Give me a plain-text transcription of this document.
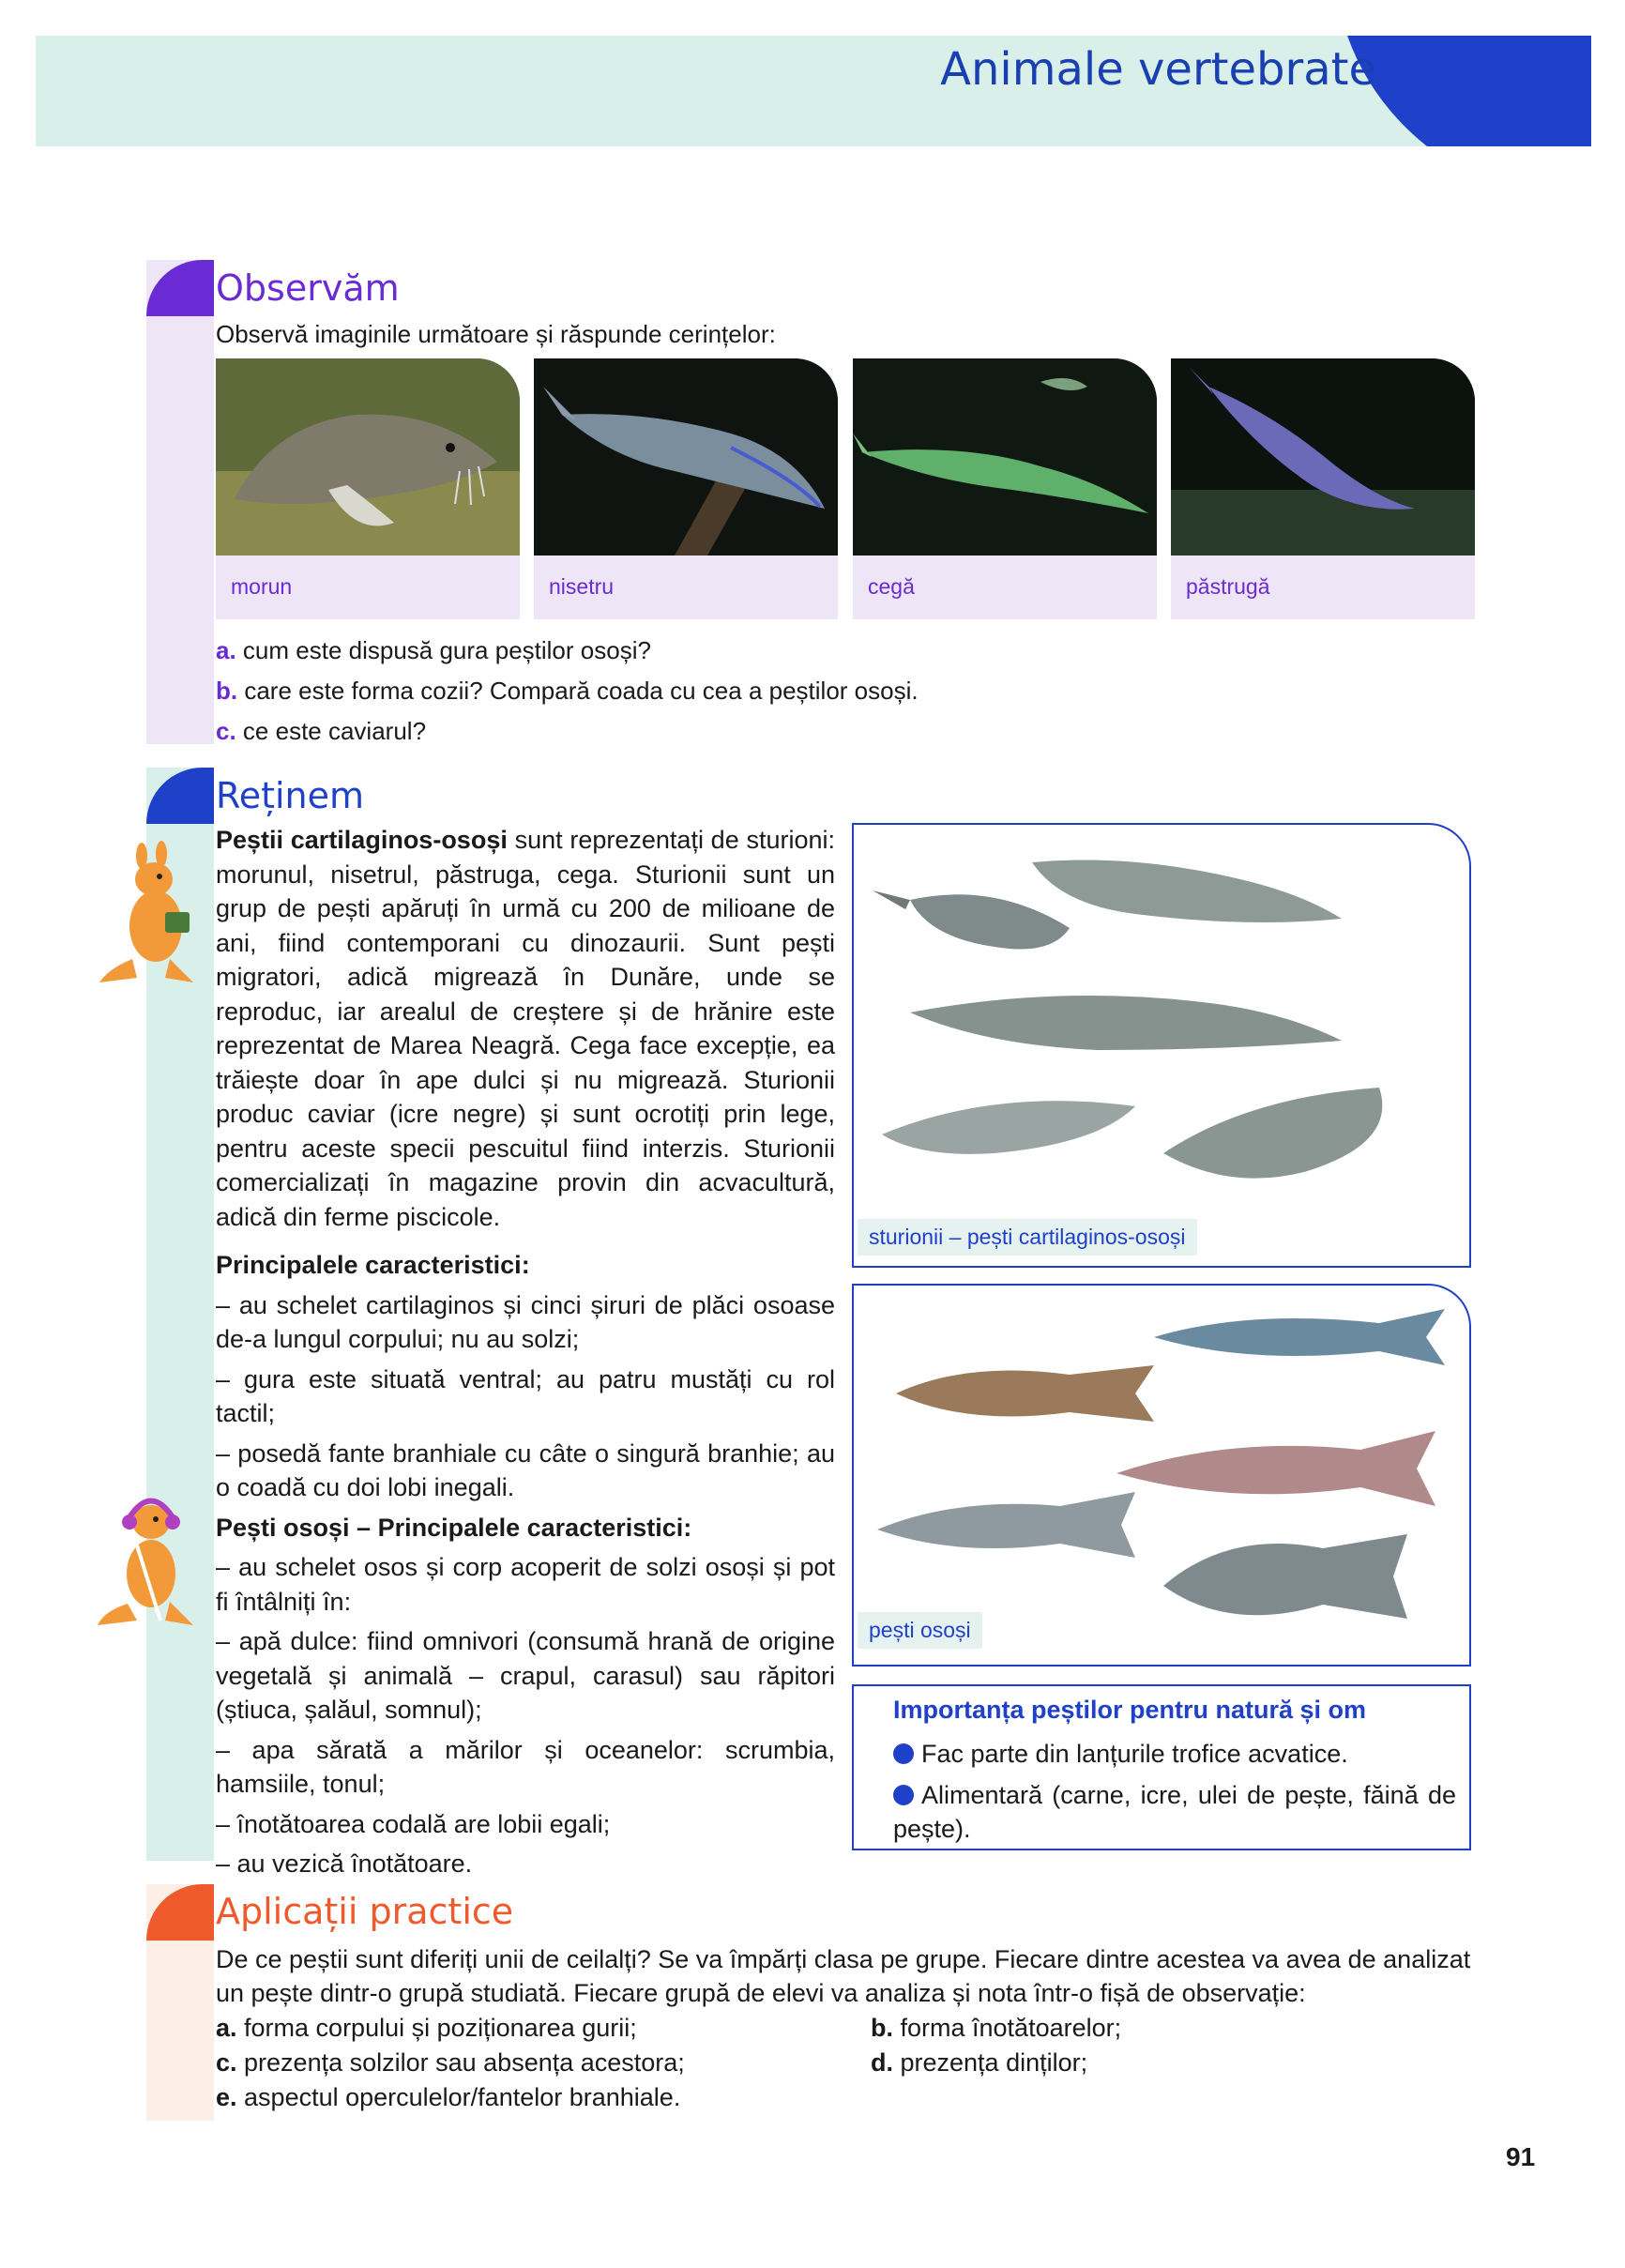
Animale vertebrate
Observăm
Observă imaginile următoare și răspunde cerințelor:
morun	nisetru	cegă	păstrugă
a. cum este dispusă gura peștilor osoși?
b. care este forma cozii? Compară coada cu cea a peștilor osoși.
c. ce este caviarul?
Reținem
Peștii cartilaginos-osoși sunt reprezentați de sturioni: morunul, nisetrul, păstruga, cega. Sturionii sunt un grup de pești apăruți în urmă cu 200 de milioane de ani, fiind contemporani cu dinozaurii. Sunt pești migratori, adică migrează în Dunăre, unde se reproduc, iar arealul de creștere și de hrănire este reprezentat de Marea Neagră. Cega face excepție, ea trăiește doar în ape dulci și nu migrează. Sturionii produc caviar (icre negre) și sunt ocrotiți prin lege, pentru aceste specii pescuitul fiind interzis. Sturionii comercializați în magazine provin din acvacultură, adică din ferme piscicole.
Principalele caracteristici:
– au schelet cartilaginos și cinci șiruri de plăci osoase de-a lungul corpului; nu au solzi;
– gura este situată ventral; au patru mustăți cu rol tactil;
– posedă fante branhiale cu câte o singură branhie; au o coadă cu doi lobi inegali.
Pești osoși – Principalele caracteristici:
– au schelet osos și corp acoperit de solzi osoși și pot fi întâlniți în:
– apă dulce: fiind omnivori (consumă hrană de origine vegetală și animală – crapul, carasul) sau răpitori (știuca, șalăul, somnul);
– apa sărată a mărilor și oceanelor: scrumbia, hamsiile, tonul;
– înotătoarea codală are lobii egali;
– au vezică înotătoare.
sturionii – pești cartilaginos-osoși
pești osoși
Importanța peștilor pentru natură și om
Fac parte din lanțurile trofice acvatice.
Alimentară (carne, icre, ulei de pește, făină de pește).
Aplicații practice
De ce peștii sunt diferiți unii de ceilalți? Se va împărți clasa pe grupe. Fiecare dintre acestea va avea de analizat un pește dintr-o grupă studiată. Fiecare grupă de elevi va analiza și nota într-o fișă de observație:
a. forma corpului și poziționarea gurii;	b. forma înotătoarelor;
c. prezența solzilor sau absența acestora;	d. prezența dinților;
e. aspectul operculelor/fantelor branhiale.
91
